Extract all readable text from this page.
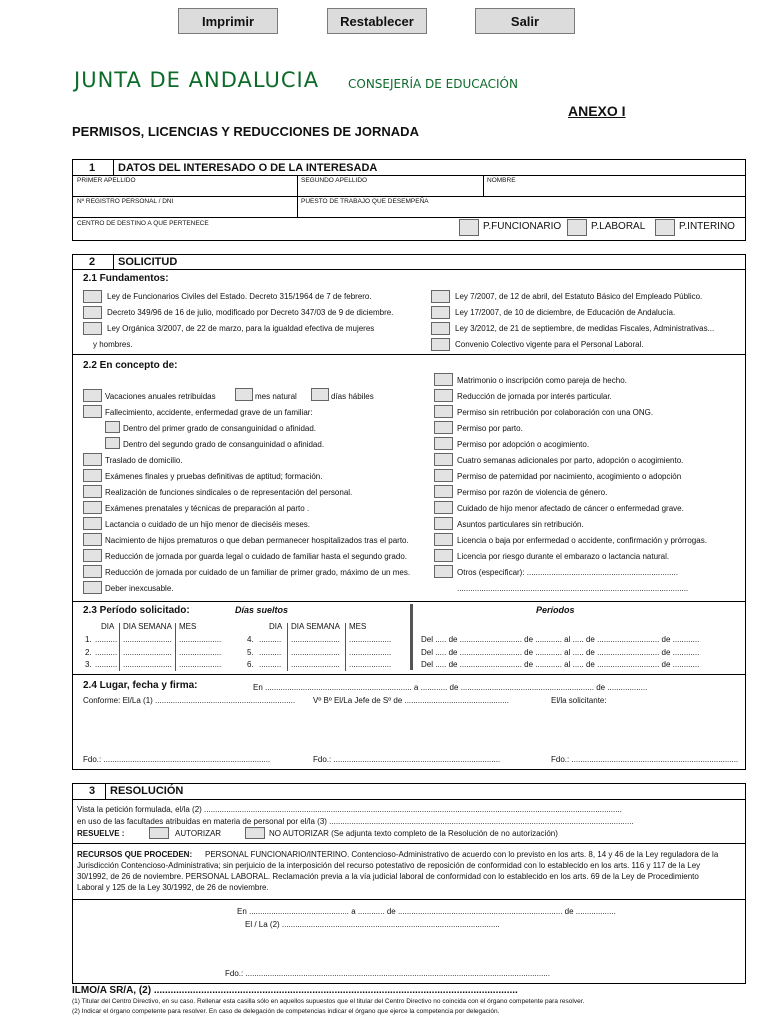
Imprimir	Restablecer	Salir
JUNTA DE ANDALUCIA CONSEJERÍA DE EDUCACIÓN
ANEXO I
PERMISOS, LICENCIAS Y REDUCCIONES DE JORNADA
1 DATOS DEL INTERESADO O DE LA INTERESADA
PRIMER APELLIDO	SEGUNDO APELLIDO	NOMBRE
Nº REGISTRO PERSONAL / DNI	PUESTO DE TRABAJO QUE DESEMPEÑA
CENTRO DE DESTINO A QUE PERTENECE	P.FUNCIONARIO	P.LABORAL	P.INTERINO
2 SOLICITUD
2.1 Fundamentos:
Ley de Funcionarios Civiles del Estado. Decreto 315/1964 de 7 de febrero.
Decreto 349/96 de 16 de julio, modificado por Decreto 347/03 de 9 de diciembre.
Ley Orgánica 3/2007, de 22 de marzo, para la igualdad efectiva de mujeres
y hombres.
Ley 7/2007, de 12 de abril, del Estatuto Básico del Empleado Público.
Ley 17/2007, de 10 de diciembre, de Educación de Andalucía.
Ley 3/2012, de 21 de septiembre, de medidas Fiscales, Administrativas...
Convenio Colectivo vigente para el Personal Laboral.
2.2 En concepto de:
Vacaciones anuales retribuidas	mes natural	días hábiles
Fallecimiento, accidente, enfermedad grave de un familiar:
Dentro del primer grado de consanguinidad o afinidad.
Dentro del segundo grado de consanguinidad o afinidad.
Traslado de domicilio.
Exámenes finales y pruebas definitivas de aptitud; formación.
Realización de funciones sindicales o de representación del personal.
Exámenes prenatales y técnicas de preparación al parto .
Lactancia o cuidado de un hijo menor de dieciséis meses.
Nacimiento de hijos prematuros o que deban permanecer hospitalizados tras el parto.
Reducción de jornada por guarda legal o cuidado de familiar hasta el segundo grado.
Reducción de jornada por cuidado de un familiar de primer grado, máximo de un mes.
Deber inexcusable.
Matrimonio o inscripción como pareja de hecho.
Reducción de jornada por interés particular.
Permiso sin retribución por colaboración con una ONG.
Permiso por parto.
Permiso por adopción o acogimiento.
Cuatro semanas adicionales por parto, adopción o acogimiento.
Permiso de paternidad por nacimiento, acogimiento o adopción
Permiso por razón de violencia de género.
Cuidado de hijo menor afectado de cáncer o enfermedad grave.
Asuntos particulares sin retribución.
Licencia o baja por enfermedad o accidente, confirmación y prórrogas.
Licencia por riesgo durante el embarazo o lactancia natural.
Otros (especificar): ....................................................................
........................................................................................................
2.3 Período solicitado:	Días sueltos	Períodos
DIA DIA SEMANA MES	DIA DIA SEMANA MES
1. .......... ...................... ...................
2. .......... ...................... ...................
3. .......... ...................... ...................
4. .......... ...................... ...................
5. .......... ...................... ...................
6. .......... ...................... ...................
Del ..... de ............................ de ............ al ..... de ............................ de ............
Del ..... de ............................ de ............ al ..... de ............................ de ............
Del ..... de ............................ de ............ al ..... de ............................ de ............
2.4 Lugar, fecha y firma:	En .................................................................. a ............ de ............................................................ de ..................
Conforme: El/La (1) ............................................................... Vº Bº El/La Jefe de Sº de ...............................................	El/la solicitante:
Fdo.: ...........................................................................	Fdo.: ...........................................................................	Fdo.: ...........................................................................
3 RESOLUCIÓN
Vista la petición formulada, el/la (2) ............................................................................................................................................................................................
en uso de las facultades atribuidas en materia de personal por el/la (3) .........................................................................................................................................
RESUELVE :	AUTORIZAR	NO AUTORIZAR (Se adjunta texto completo de la Resolución de no autorización)
RECURSOS QUE PROCEDEN: PERSONAL FUNCIONARIO/INTERINO. Contencioso-Administrativo de acuerdo con lo previsto en los arts. 8, 14 y 46 de la Ley reguladora de la
Jurisdicción Contencioso-Administrativa; sin perjuicio de la interposición del recurso potestativo de reposición de conformidad con lo establecido en los arts. 116 y 117 de la Ley
30/1992, de 26 de noviembre. PERSONAL LABORAL. Reclamación previa a la vía judicial laboral de conformidad con lo establecido en los arts. 69 de la Ley de Procedimiento
Laboral y 125 de la Ley 30/1992, de 26 de noviembre.
En ............................................. a ............ de .......................................................................... de ..................
El / La (2) ..................................................................................................
Fdo.: .........................................................................................................................................
ILMO/A SR/A, (2) ...................................................................................................................................
(1) Titular del Centro Directivo, en su caso. Rellenar esta casilla sólo en aquellos supuestos que el titular del Centro Directivo no coincida con el órgano competente para resolver.
(2) Indicar el órgano competente para resolver. En caso de delegación de competencias indicar el órgano que ejerce la competencia por delegación.
